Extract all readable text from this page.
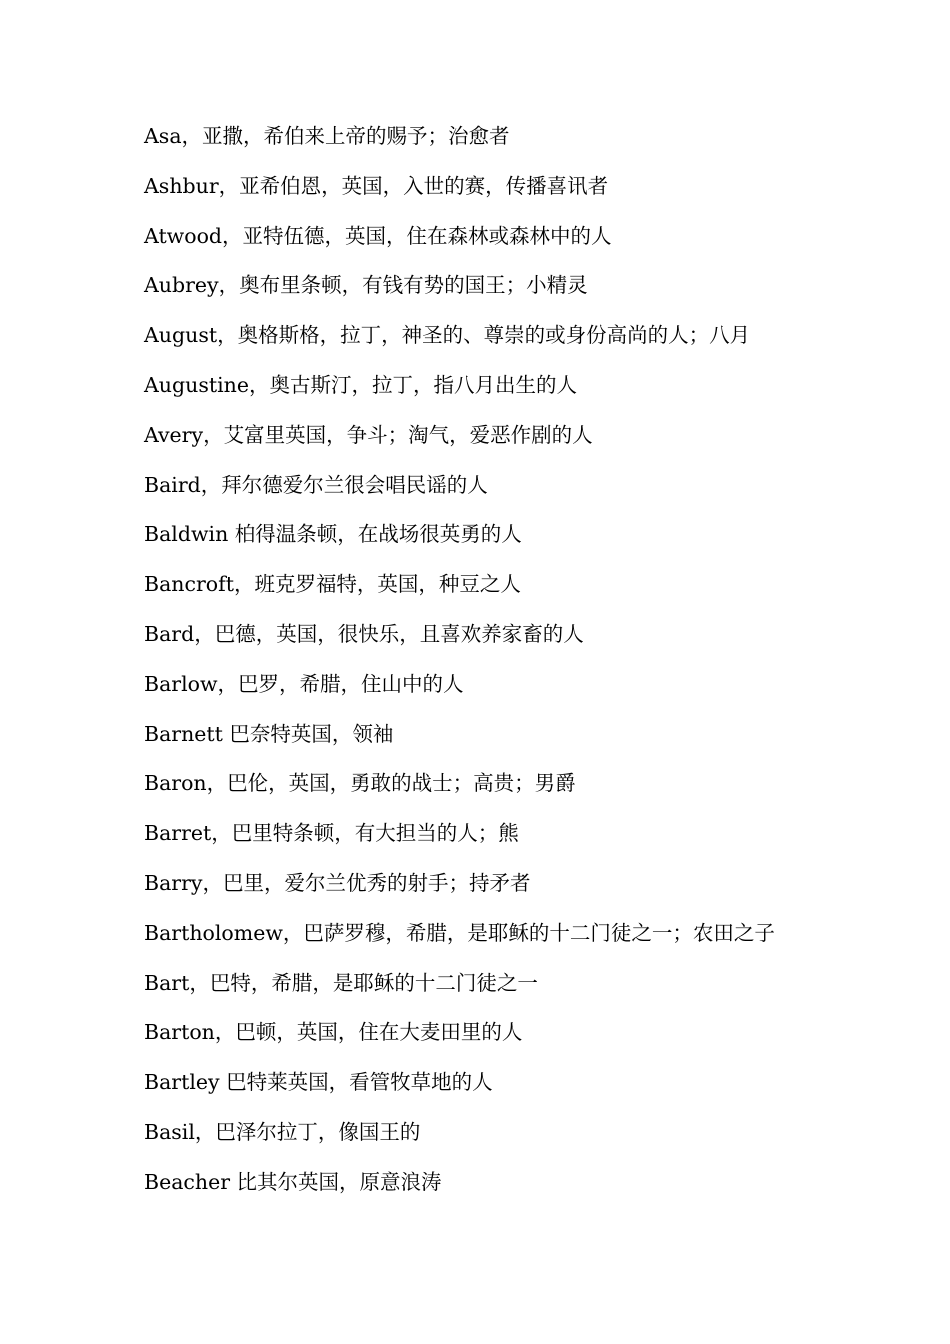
Asa，亚撒，希伯来上帝的赐予；治愈者
Ashbur，亚希伯恩，英国，入世的赛，传播喜讯者
Atwood，亚特伍德，英国，住在森林或森林中的人
Aubrey，奥布里条顿，有钱有势的国王；小精灵
August，奥格斯格，拉丁，神圣的、尊崇的或身份高尚的人；八月
Augustine，奥古斯汀，拉丁，指八月出生的人
Avery，艾富里英国，争斗；淘气，爱恶作剧的人
Baird，拜尔德爱尔兰很会唱民谣的人
Baldwin 柏得温条顿，在战场很英勇的人
Bancroft，班克罗福特，英国，种豆之人
Bard，巴德，英国，很快乐，且喜欢养家畜的人
Barlow，巴罗，希腊，住山中的人
Barnett 巴奈特英国，领袖
Baron，巴伦，英国，勇敢的战士；高贵；男爵
Barret，巴里特条顿，有大担当的人；熊
Barry，巴里，爱尔兰优秀的射手；持矛者
Bartholomew，巴萨罗穆，希腊，是耶稣的十二门徒之一；农田之子
Bart，巴特，希腊，是耶稣的十二门徒之一
Barton，巴顿，英国，住在大麦田里的人
Bartley 巴特莱英国，看管牧草地的人
Basil，巴泽尔拉丁，像国王的
Beacher 比其尔英国，原意浪涛
